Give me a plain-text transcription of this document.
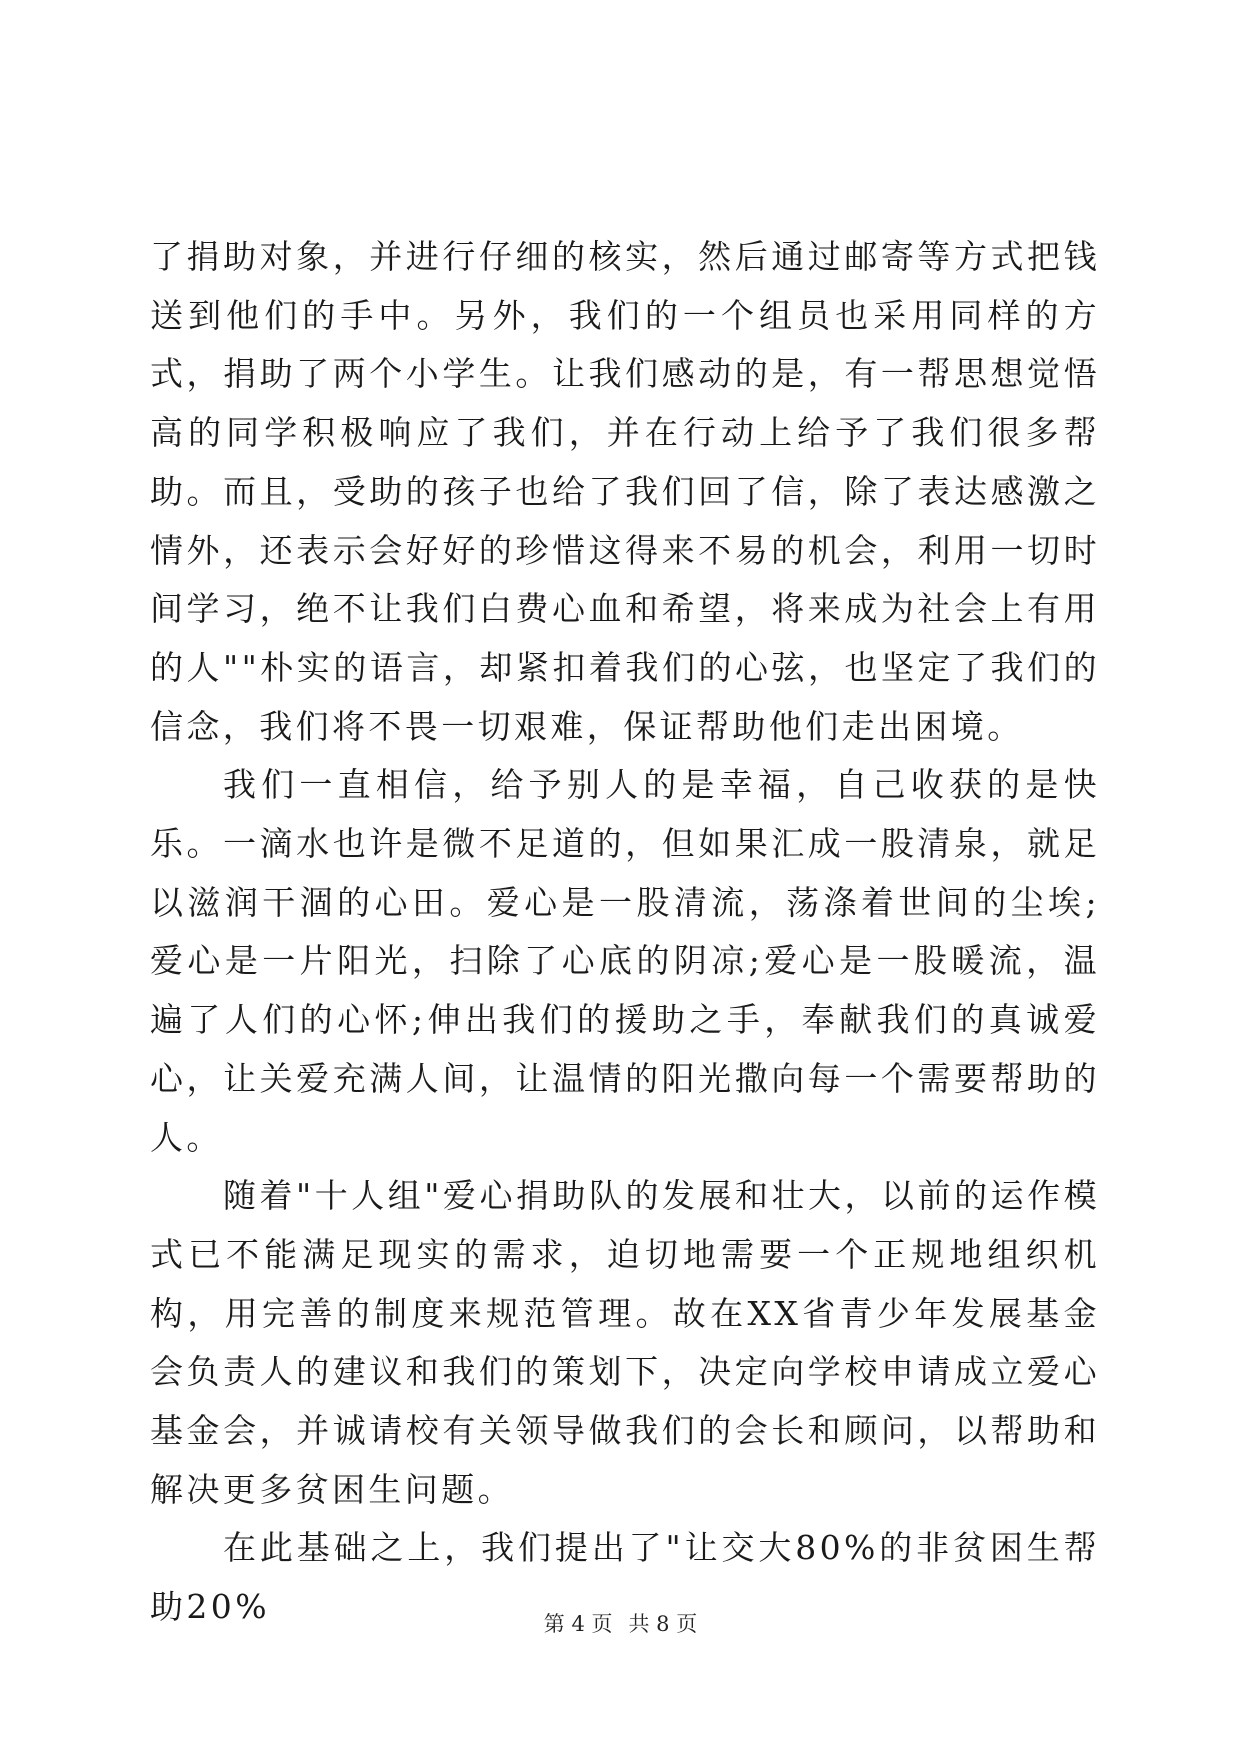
了捐助对象，并进行仔细的核实，然后通过邮寄等方式把钱送到他们的手中。另外，我们的一个组员也采用同样的方式，捐助了两个小学生。让我们感动的是，有一帮思想觉悟高的同学积极响应了我们，并在行动上给予了我们很多帮助。而且，受助的孩子也给了我们回了信，除了表达感激之情外，还表示会好好的珍惜这得来不易的机会，利用一切时间学习，绝不让我们白费心血和希望，将来成为社会上有用的人""朴实的语言，却紧扣着我们的心弦，也坚定了我们的信念，我们将不畏一切艰难，保证帮助他们走出困境。

我们一直相信，给予别人的是幸福，自己收获的是快乐。一滴水也许是微不足道的，但如果汇成一股清泉，就足以滋润干涸的心田。爱心是一股清流，荡涤着世间的尘埃;爱心是一片阳光，扫除了心底的阴凉;爱心是一股暖流，温遍了人们的心怀;伸出我们的援助之手，奉献我们的真诚爱心，让关爱充满人间，让温情的阳光撒向每一个需要帮助的人。

随着"十人组"爱心捐助队的发展和壮大，以前的运作模式已不能满足现实的需求，迫切地需要一个正规地组织机构，用完善的制度来规范管理。故在XX省青少年发展基金会负责人的建议和我们的策划下，决定向学校申请成立爱心基金会，并诚请校有关领导做我们的会长和顾问，以帮助和解决更多贫困生问题。

在此基础之上，我们提出了"让交大80%的非贫困生帮助20%	第 4 页 共 8 页
